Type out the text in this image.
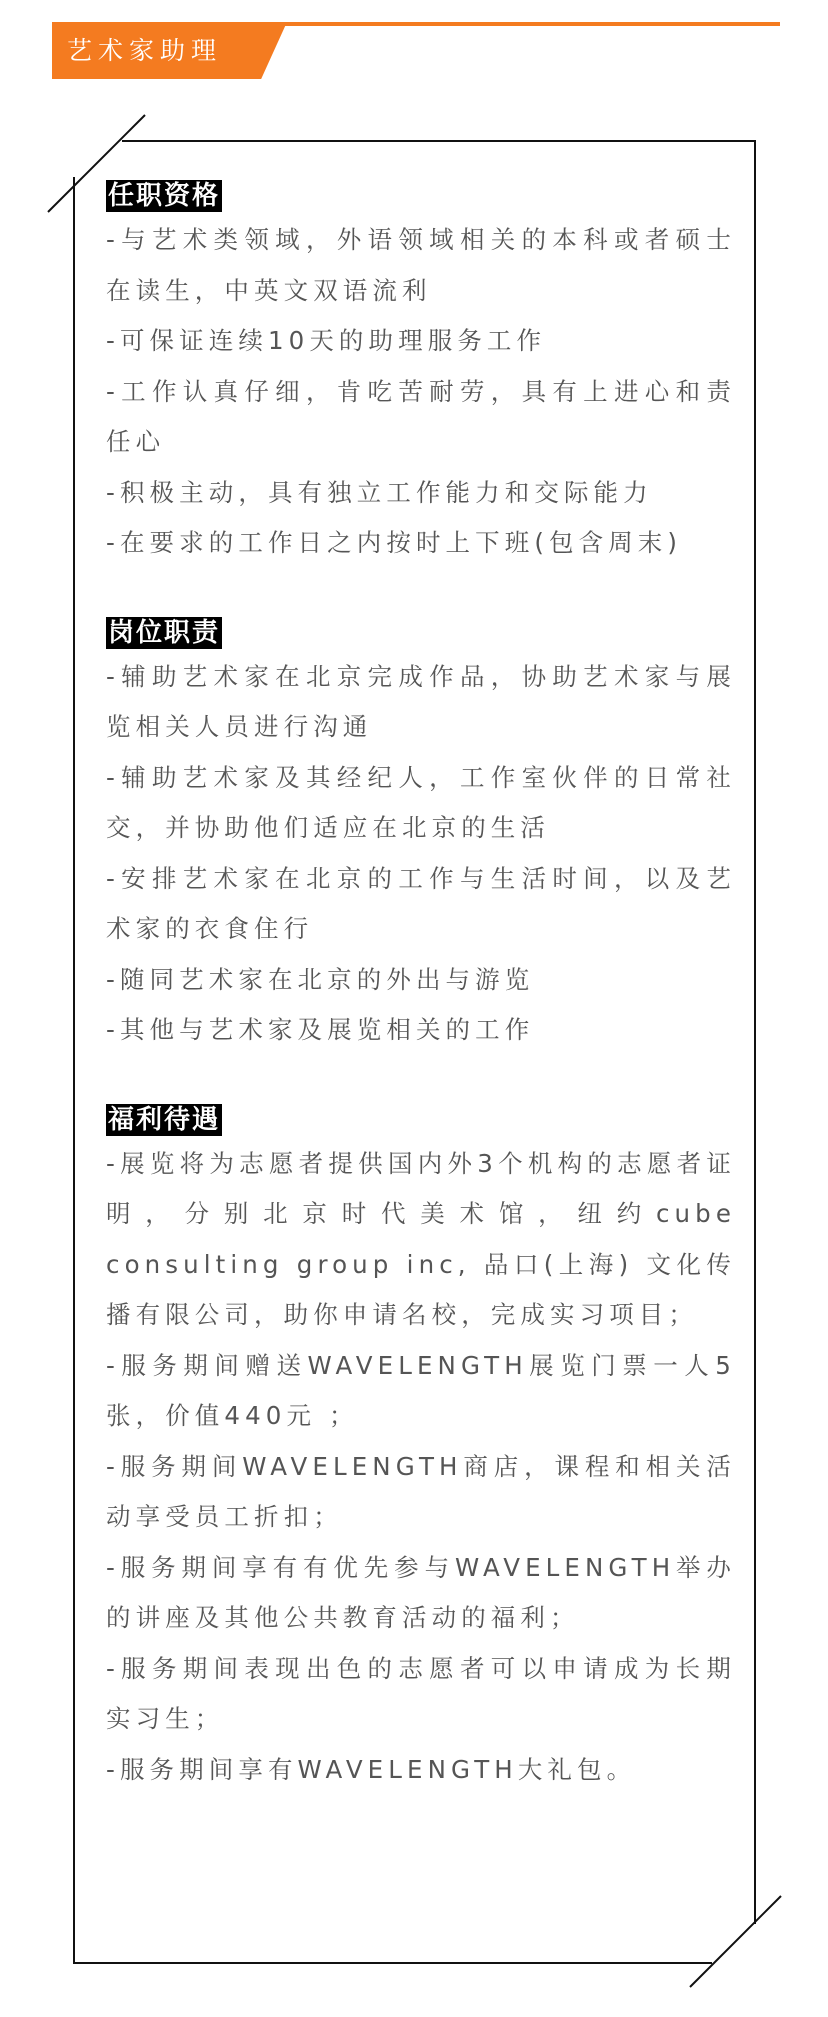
艺术家助理
任职资格

-与艺术类领域，外语领域相关的本科或者硕士在读生，中英文双语流利

-可保证连续10天的助理服务工作

-工作认真仔细，肯吃苦耐劳，具有上进心和责任心

-积极主动，具有独立工作能力和交际能力

-在要求的工作日之内按时上下班(包含周末)

岗位职责

-辅助艺术家在北京完成作品，协助艺术家与展览相关人员进行沟通

-辅助艺术家及其经纪人，工作室伙伴的日常社交，并协助他们适应在北京的生活

-安排艺术家在北京的工作与生活时间，以及艺术家的衣食住行

-随同艺术家在北京的外出与游览

-其他与艺术家及展览相关的工作

福利待遇

-展览将为志愿者提供国内外3个机构的志愿者证明，分别北京时代美术馆，纽约cube consulting group inc, 品口(上海) 文化传播有限公司，助你申请名校，完成实习项目；

-服务期间赠送WAVELENGTH展览门票一人5张，价值440元 ；

-服务期间WAVELENGTH商店，课程和相关活动享受员工折扣；

-服务期间享有有优先参与WAVELENGTH举办的讲座及其他公共教育活动的福利；

-服务期间表现出色的志愿者可以申请成为长期实习生；

-服务期间享有WAVELENGTH大礼包。
